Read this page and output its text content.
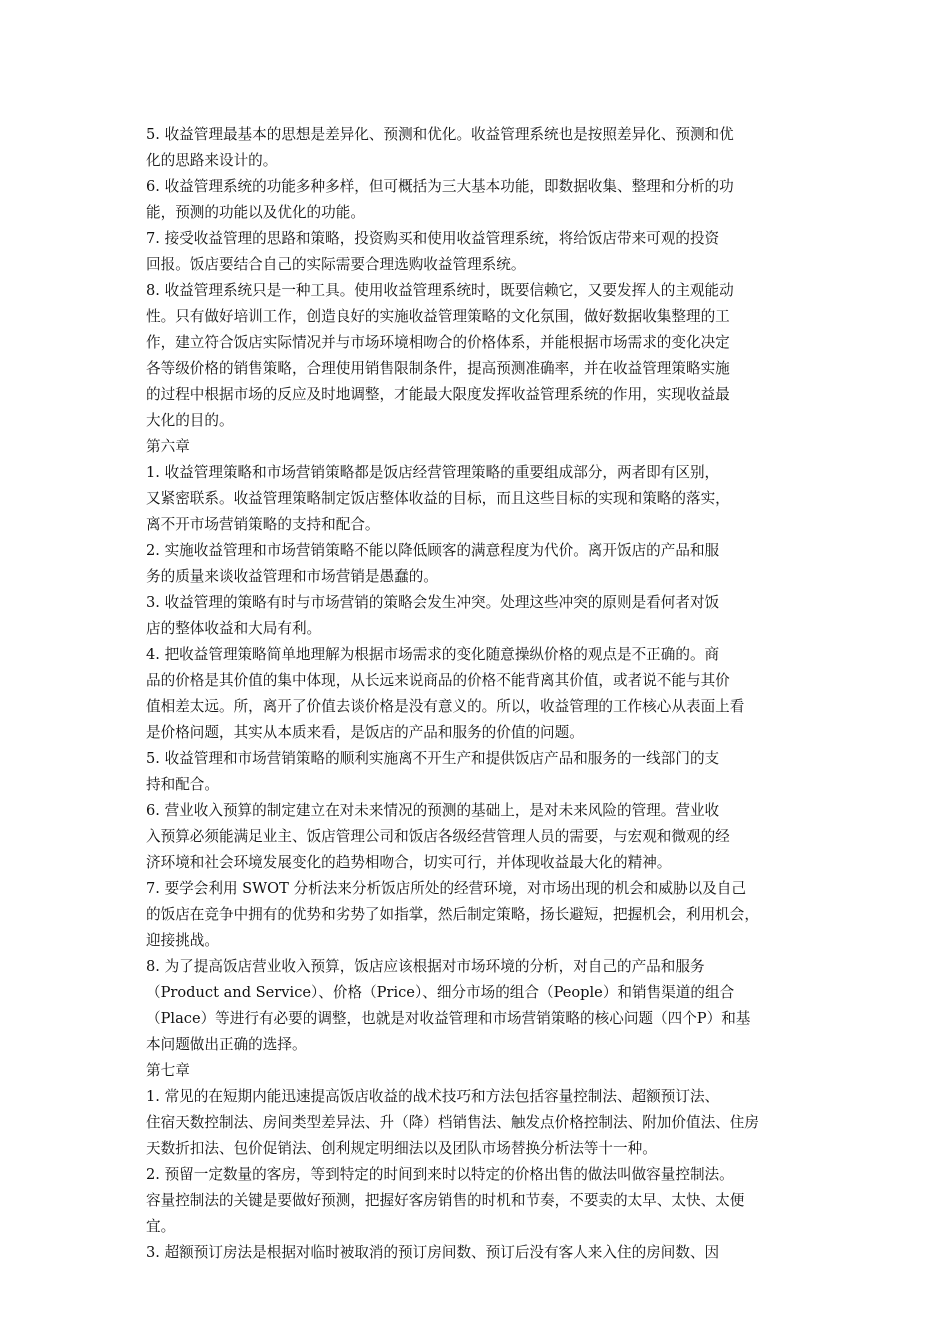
5. 收益管理最基本的思想是差异化、预测和优化。收益管理系统也是按照差异化、预测和优
化的思路来设计的。
6. 收益管理系统的功能多种多样，但可概括为三大基本功能，即数据收集、整理和分析的功
能，预测的功能以及优化的功能。
7. 接受收益管理的思路和策略，投资购买和使用收益管理系统，将给饭店带来可观的投资
回报。饭店要结合自己的实际需要合理选购收益管理系统。
8. 收益管理系统只是一种工具。使用收益管理系统时，既要信赖它，又要发挥人的主观能动
性。只有做好培训工作，创造良好的实施收益管理策略的文化氛围，做好数据收集整理的工
作，建立符合饭店实际情况并与市场环境相吻合的价格体系，并能根据市场需求的变化决定
各等级价格的销售策略，合理使用销售限制条件，提高预测准确率，并在收益管理策略实施
的过程中根据市场的反应及时地调整，才能最大限度发挥收益管理系统的作用，实现收益最
大化的目的。
第六章
1. 收益管理策略和市场营销策略都是饭店经营管理策略的重要组成部分，两者即有区别，
又紧密联系。收益管理策略制定饭店整体收益的目标，而且这些目标的实现和策略的落实，
离不开市场营销策略的支持和配合。
2. 实施收益管理和市场营销策略不能以降低顾客的满意程度为代价。离开饭店的产品和服
务的质量来谈收益管理和市场营销是愚蠢的。
3. 收益管理的策略有时与市场营销的策略会发生冲突。处理这些冲突的原则是看何者对饭
店的整体收益和大局有利。
4. 把收益管理策略简单地理解为根据市场需求的变化随意操纵价格的观点是不正确的。商
品的价格是其价值的集中体现，从长远来说商品的价格不能背离其价值，或者说不能与其价
值相差太远。所，离开了价值去谈价格是没有意义的。所以，收益管理的工作核心从表面上看
是价格问题，其实从本质来看，是饭店的产品和服务的价值的问题。
5. 收益管理和市场营销策略的顺利实施离不开生产和提供饭店产品和服务的一线部门的支
持和配合。
6. 营业收入预算的制定建立在对未来情况的预测的基础上，是对未来风险的管理。营业收
入预算必须能满足业主、饭店管理公司和饭店各级经营管理人员的需要，与宏观和微观的经
济环境和社会环境发展变化的趋势相吻合，切实可行，并体现收益最大化的精神。
7. 要学会利用 SWOT 分析法来分析饭店所处的经营环境，对市场出现的机会和威胁以及自己
的饭店在竞争中拥有的优势和劣势了如指掌，然后制定策略，扬长避短，把握机会，利用机会，
迎接挑战。
8. 为了提高饭店营业收入预算，饭店应该根据对市场环境的分析，对自己的产品和服务
（Product and Service）、价格（Price）、细分市场的组合（People）和销售渠道的组合
（Place）等进行有必要的调整，也就是对收益管理和市场营销策略的核心问题（四个P）和基
本问题做出正确的选择。
第七章
1. 常见的在短期内能迅速提高饭店收益的战术技巧和方法包括容量控制法、超额预订法、
住宿天数控制法、房间类型差异法、升（降）档销售法、触发点价格控制法、附加价值法、住房
天数折扣法、包价促销法、创利规定明细法以及团队市场替换分析法等十一种。
2. 预留一定数量的客房，等到特定的时间到来时以特定的价格出售的做法叫做容量控制法。
容量控制法的关键是要做好预测，把握好客房销售的时机和节奏，不要卖的太早、太快、太便
宜。
3. 超额预订房法是根据对临时被取消的预订房间数、预订后没有客人来入住的房间数、因
